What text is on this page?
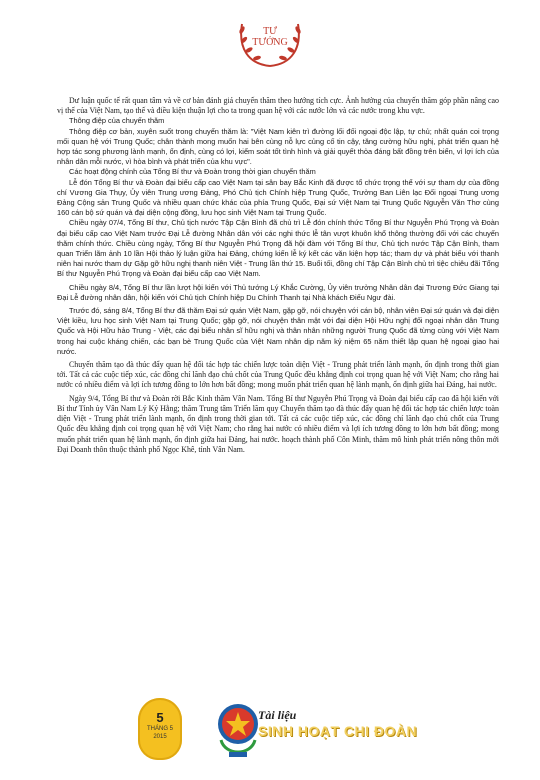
TƯ
TƯỞNG

Dư luận quốc tế rất quan tâm và về cơ bản đánh giá chuyến thăm theo hướng tích cực. Ảnh hưởng của chuyến thăm góp phần nâng cao vị thế của Việt Nam, tạo thế và điều kiện thuận lợi cho ta trong quan hệ với các nước lớn và các nước trong khu vực.

Thông điệp của chuyến thăm

Thông điệp cơ bản, xuyên suốt trong chuyến thăm là: "Việt Nam kiên trì đường lối đối ngoại độc lập, tự chủ; nhất quán coi trọng mối quan hệ với Trung Quốc; chân thành mong muốn hai bên cùng nỗ lực củng cố tin cậy, tăng cường hữu nghị, phát triển quan hệ hợp tác song phương lành mạnh, ổn định, cùng có lợi, kiểm soát tốt tình hình và giải quyết thỏa đáng bất đồng trên biển, vì lợi ích của nhân dân mỗi nước, vì hòa bình và phát triển của khu vực".

Các hoạt động chính của Tổng Bí thư và Đoàn trong thời gian chuyến thăm

Lễ đón Tổng Bí thư và Đoàn đại biểu cấp cao Việt Nam tại sân bay Bắc Kinh đã được tổ chức trọng thể với sự tham dự của đồng chí Vương Gia Thụy, Ủy viên Trung ương Đảng, Phó Chủ tịch Chính hiệp Trung Quốc, Trưởng Ban Liên lạc Đối ngoại Trung ương Đảng Cộng sản Trung Quốc và nhiều quan chức khác của phía Trung Quốc, Đại sứ Việt Nam tại Trung Quốc Nguyễn Văn Thơ cùng 160 cán bộ sứ quán và đại diện cộng đồng, lưu học sinh Việt Nam tại Trung Quốc.

Chiều ngày 07/4, Tổng Bí thư, Chủ tịch nước Tập Cận Bình đã chủ trì Lễ đón chính thức Tổng Bí thư Nguyễn Phú Trọng và Đoàn đại biểu cấp cao Việt Nam trước Đại Lễ đường Nhân dân với các nghi thức lễ tân vượt khuôn khổ thông thường đối với các chuyến thăm chính thức. Chiều cùng ngày, Tổng Bí thư Nguyễn Phú Trọng đã hội đàm với Tổng Bí thư, Chủ tịch nước Tập Cận Bình, tham quan Triển lãm ảnh 10 lần Hội thảo lý luận giữa hai Đảng, chứng kiến lễ ký kết các văn kiện hợp tác; tham dự và phát biểu với thanh niên hai nước tham dự Gặp gỡ hữu nghị thanh niên Việt - Trung lần thứ 15. Buổi tối, đồng chí Tập Cận Bình chủ trì tiệc chiêu đãi Tổng Bí thư Nguyễn Phú Trọng và Đoàn đại biểu cấp cao Việt Nam.

Chiều ngày 8/4, Tổng Bí thư lần lượt hội kiến với Thủ tướng Lý Khắc Cường, Ủy viên trưởng Nhân dân đại Trương Đức Giang tại Đại Lễ đường nhân dân, hội kiến với Chủ tịch Chính hiệp Du Chính Thanh tại Nhà khách Điếu Ngư đài.

Trước đó, sáng 8/4, Tổng Bí thư đã thăm Đại sứ quán Việt Nam, gặp gỡ, nói chuyện với cán bộ, nhân viên Đại sứ quán và đại diện Việt kiều, lưu học sinh Việt Nam tại Trung Quốc; gặp gỡ, nói chuyện thân mật với đại diện Hội Hữu nghị đối ngoại nhân dân Trung Quốc và Hội Hữu hảo Trung - Việt, các đại biểu nhân sĩ hữu nghị và thân nhân những người Trung Quốc đã từng cùng với Việt Nam trong hai cuộc kháng chiến, các bạn bè Trung Quốc của Việt Nam nhân dịp năm kỷ niệm 65 năm thiết lập quan hệ ngoại giao hai nước.

Chuyến thăm tạo đà thúc đẩy quan hệ đối tác hợp tác chiến lược toàn diện Việt - Trung phát triển lành mạnh, ổn định trong thời gian tới. Tất cả các cuộc tiếp xúc, các đồng chí lãnh đạo chủ chốt của Trung Quốc đều khẳng định coi trọng quan hệ với Việt Nam; cho rằng hai nước có nhiều điểm và lợi ích tương đồng to lớn hơn bất đồng; mong muốn phát triển quan hệ lành mạnh, ổn định giữa hai Đảng, hai nước.

Ngày 9/4, Tổng Bí thư và Đoàn rời Bắc Kinh thăm Vân Nam. Tổng Bí thư Nguyễn Phú Trọng và Đoàn đại biểu cấp cao đã hội kiến với Bí thư Tỉnh ủy Vân Nam Lý Kỷ Hằng; thăm Trung tâm Triển lãm quy Chuyến thăm tạo đà thúc đẩy quan hệ đối tác hợp tác chiến lược toàn diện Việt - Trung phát triển lành mạnh, ổn định trong thời gian tới. Tất cả các cuộc tiếp xúc, các đồng chí lãnh đạo chủ chốt của Trung Quốc đều khẳng định coi trọng quan hệ với Việt Nam; cho rằng hai nước có nhiều điểm và lợi ích tương đồng to lớn hơn bất đồng; mong muốn phát triển quan hệ lành mạnh, ổn định giữa hai Đảng, hai nước. hoạch thành phố Côn Minh, thăm mô hình phát triển nông thôn mới Đại Doanh thôn thuộc thành phố Ngọc Khê, tỉnh Vân Nam.

5
THÁNG 5
2015
Tài liệu
SINH HOẠT CHI ĐOÀN
